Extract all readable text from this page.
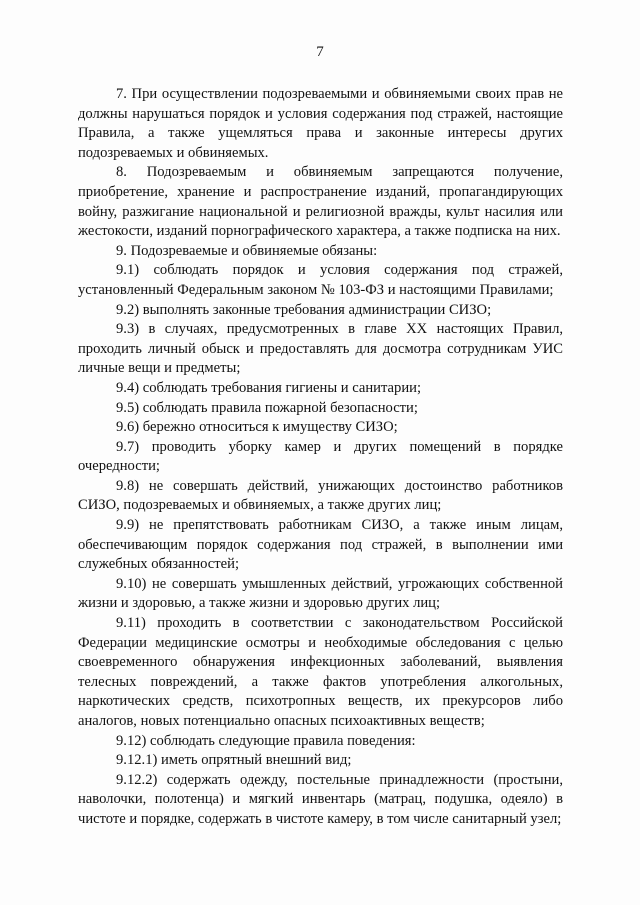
7

7. При осуществлении подозреваемыми и обвиняемыми своих прав не должны нарушаться порядок и условия содержания под стражей, настоящие Правила, а также ущемляться права и законные интересы других подозреваемых и обвиняемых.

8. Подозреваемым и обвиняемым запрещаются получение, приобретение, хранение и распространение изданий, пропагандирующих войну, разжигание национальной и религиозной вражды, культ насилия или жестокости, изданий порнографического характера, а также подписка на них.

9. Подозреваемые и обвиняемые обязаны:

9.1) соблюдать порядок и условия содержания под стражей, установленный Федеральным законом № 103-ФЗ и настоящими Правилами;

9.2) выполнять законные требования администрации СИЗО;

9.3) в случаях, предусмотренных в главе XX настоящих Правил, проходить личный обыск и предоставлять для досмотра сотрудникам УИС личные вещи и предметы;

9.4) соблюдать требования гигиены и санитарии;

9.5) соблюдать правила пожарной безопасности;

9.6) бережно относиться к имуществу СИЗО;

9.7) проводить уборку камер и других помещений в порядке очередности;

9.8) не совершать действий, унижающих достоинство работников СИЗО, подозреваемых и обвиняемых, а также других лиц;

9.9) не препятствовать работникам СИЗО, а также иным лицам, обеспечивающим порядок содержания под стражей, в выполнении ими служебных обязанностей;

9.10) не совершать умышленных действий, угрожающих собственной жизни и здоровью, а также жизни и здоровью других лиц;

9.11) проходить в соответствии с законодательством Российской Федерации медицинские осмотры и необходимые обследования с целью своевременного обнаружения инфекционных заболеваний, выявления телесных повреждений, а также фактов употребления алкогольных, наркотических средств, психотропных веществ, их прекурсоров либо аналогов, новых потенциально опасных психоактивных веществ;

9.12) соблюдать следующие правила поведения:

9.12.1) иметь опрятный внешний вид;

9.12.2) содержать одежду, постельные принадлежности (простыни, наволочки, полотенца) и мягкий инвентарь (матрац, подушка, одеяло) в чистоте и порядке, содержать в чистоте камеру, в том числе санитарный узел;
